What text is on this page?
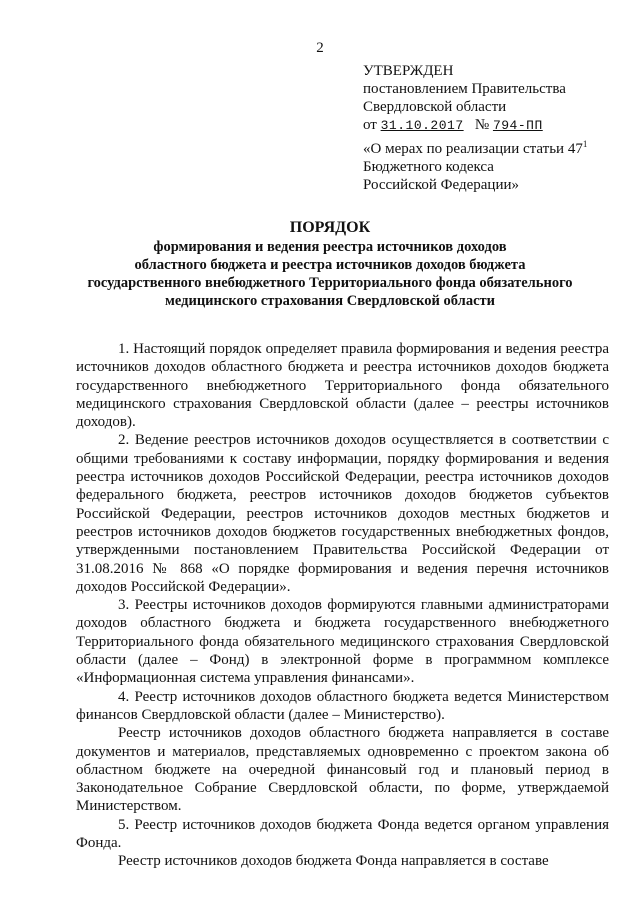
2
УТВЕРЖДЕН
постановлением Правительства
Свердловской области
от 31.10.2017 № 794-ПП
«О мерах по реализации статьи $47^1$
Бюджетного кодекса
Российской Федерации»
ПОРЯДОК
формирования и ведения реестра источников доходов
областного бюджета и реестра источников доходов бюджета
государственного внебюджетного Территориального фонда обязательного
медицинского страхования Свердловской области

1. Настоящий порядок определяет правила формирования и ведения реестра источников доходов областного бюджета и реестра источников доходов бюджета государственного внебюджетного Территориального фонда обязательного медицинского страхования Свердловской области (далее – реестры источников доходов).

2. Ведение реестров источников доходов осуществляется в соответствии с общими требованиями к составу информации, порядку формирования и ведения реестра источников доходов Российской Федерации, реестра источников доходов федерального бюджета, реестров источников доходов бюджетов субъектов Российской Федерации, реестров источников доходов местных бюджетов и реестров источников доходов бюджетов государственных внебюджетных фондов, утвержденными постановлением Правительства Российской Федерации от 31.08.2016 № 868 «О порядке формирования и ведения перечня источников доходов Российской Федерации».

3. Реестры источников доходов формируются главными администраторами доходов областного бюджета и бюджета государственного внебюджетного Территориального фонда обязательного медицинского страхования Свердловской области (далее – Фонд) в электронной форме в программном комплексе «Информационная система управления финансами».

4. Реестр источников доходов областного бюджета ведется Министерством финансов Свердловской области (далее – Министерство).

Реестр источников доходов областного бюджета направляется в составе документов и материалов, представляемых одновременно с проектом закона об областном бюджете на очередной финансовый год и плановый период в Законодательное Собрание Свердловской области, по форме, утверждаемой Министерством.

5. Реестр источников доходов бюджета Фонда ведется органом управления Фонда.

Реестр источников доходов бюджета Фонда направляется в составе
